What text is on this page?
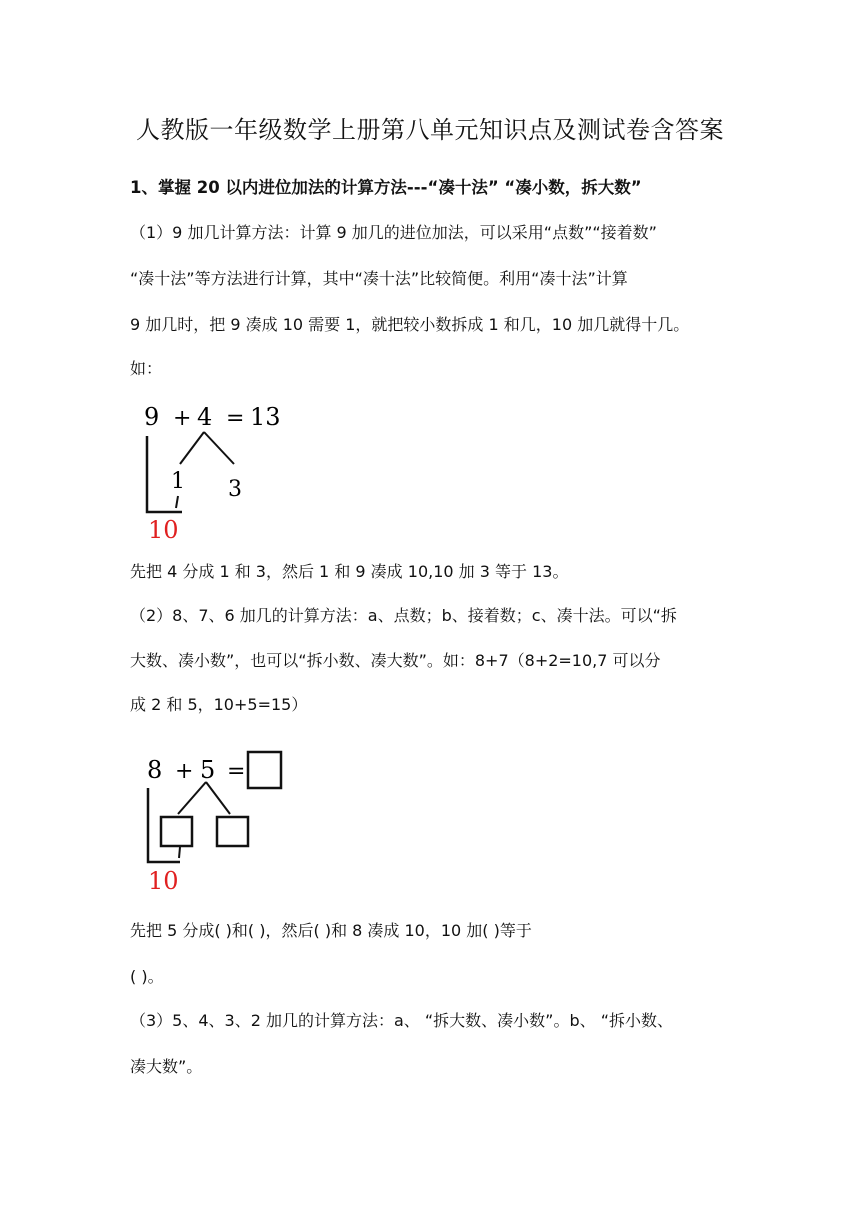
人教版一年级数学上册第八单元知识点及测试卷含答案
1、掌握 20 以内进位加法的计算方法---“凑十法” “凑小数，拆大数”
（1）9 加几计算方法：计算 9 加几的进位加法，可以采用“点数”“接着数”
“凑十法”等方法进行计算，其中“凑十法”比较简便。利用“凑十法”计算
9 加几时，把 9 凑成 10 需要 1，就把较小数拆成 1 和几，10 加几就得十几。
如：
9 + 4 = 13
1 3
10
先把 4 分成 1 和 3，然后 1 和 9 凑成 10,10 加 3 等于 13。
（2）8、7、6 加几的计算方法：a、点数；b、接着数；c、凑十法。可以“拆
大数、凑小数”，也可以“拆小数、凑大数”。如：8+7（8+2=10,7 可以分
成 2 和 5，10+5=15）
8 + 5 =
10
先把 5 分成( )和( )，然后( )和 8 凑成 10，10 加( )等于
( )。
（3）5、4、3、2 加几的计算方法：a、 “拆大数、凑小数”。b、 “拆小数、
凑大数”。
